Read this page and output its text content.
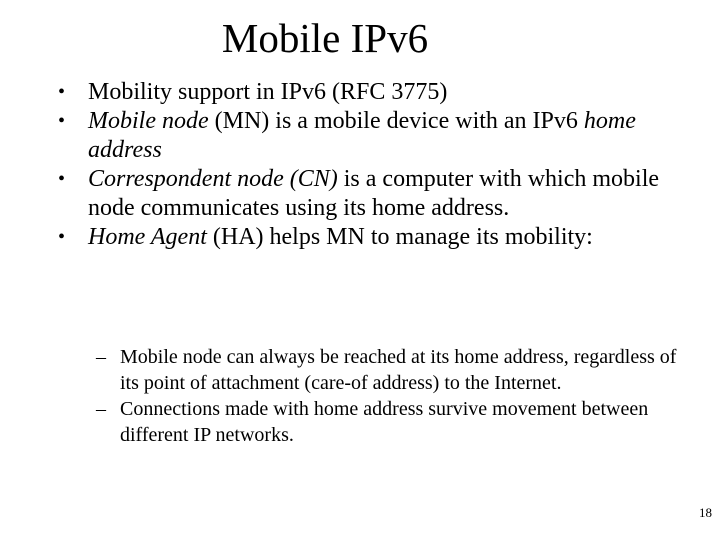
Mobile IPv6
• Mobility support in IPv6 (RFC 3775)
• Mobile node (MN) is a mobile device with an IPv6 home address
• Correspondent node (CN) is a computer with which mobile node communicates using its home address.
• Home Agent (HA) helps MN to manage its mobility:
– Mobile node can always be reached at its home address, regardless of its point of attachment (care-of address) to the Internet.
– Connections made with home address survive movement between different IP networks.
18
